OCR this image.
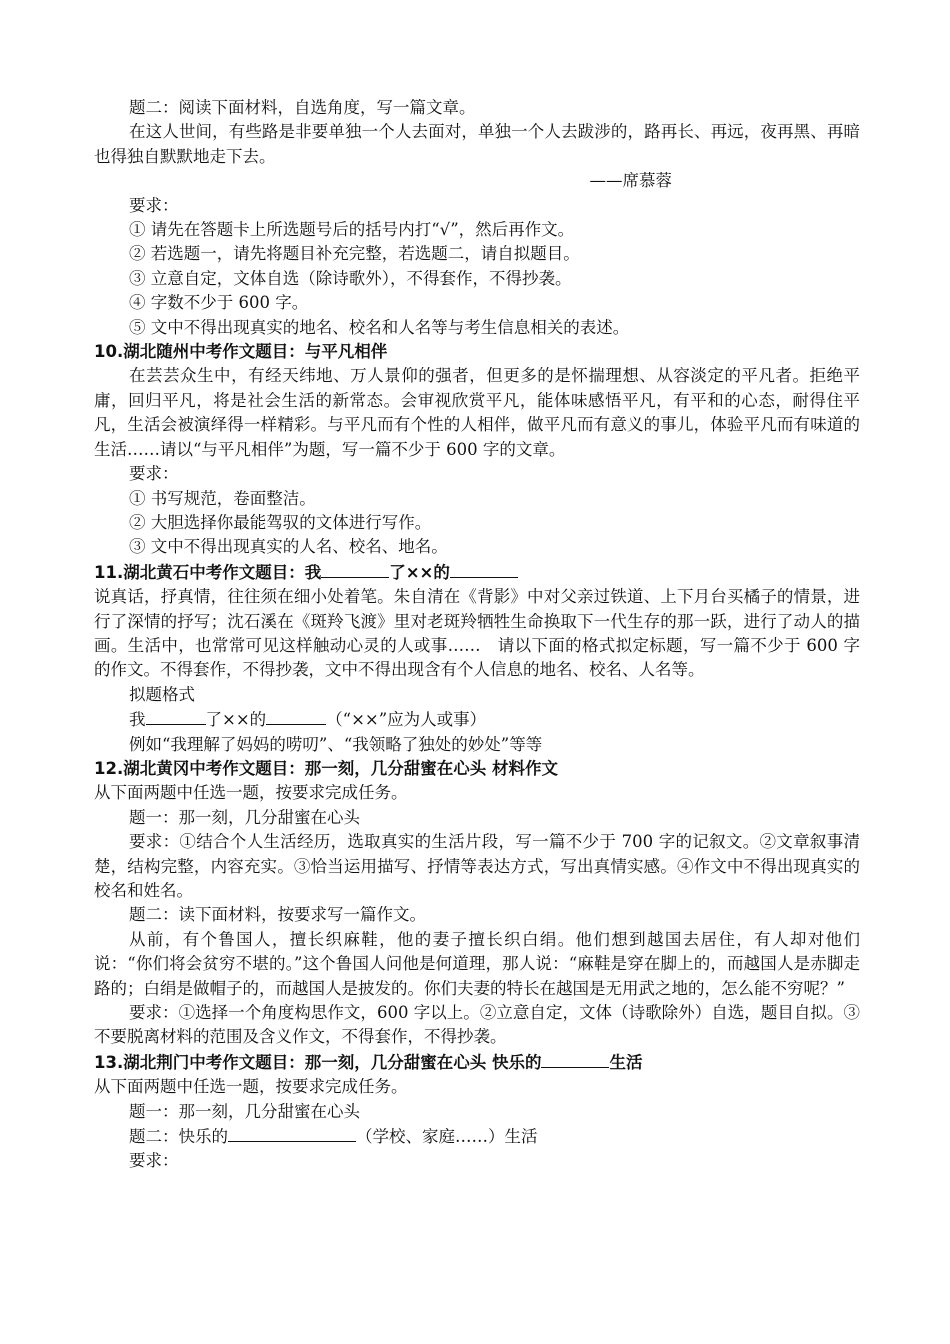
题二：阅读下面材料，自选角度，写一篇文章。

在这人世间，有些路是非要单独一个人去面对，单独一个人去跋涉的，路再长、再远，夜再黑、再暗也得独自默默地走下去。

——席慕蓉

要求：

① 请先在答题卡上所选题号后的括号内打“√”，然后再作文。

② 若选题一，请先将题目补充完整，若选题二，请自拟题目。

③ 立意自定，文体自选（除诗歌外），不得套作，不得抄袭。

④ 字数不少于 600 字。

⑤ 文中不得出现真实的地名、校名和人名等与考生信息相关的表述。

10.湖北随州中考作文题目：与平凡相伴

在芸芸众生中，有经天纬地、万人景仰的强者，但更多的是怀揣理想、从容淡定的平凡者。拒绝平庸，回归平凡，将是社会生活的新常态。会审视欣赏平凡，能体味感悟平凡，有平和的心态，耐得住平凡，生活会被演绎得一样精彩。与平凡而有个性的人相伴，做平凡而有意义的事儿，体验平凡而有味道的生活……请以“与平凡相伴”为题，写一篇不少于 600 字的文章。

要求：

① 书写规范，卷面整洁。

② 大胆选择你最能驾驭的文体进行写作。

③ 文中不得出现真实的人名、校名、地名。

11.湖北黄石中考作文题目：我	了××的

说真话，抒真情，往往须在细小处着笔。朱自清在《背影》中对父亲过铁道、上下月台买橘子的情景，进行了深情的抒写；沈石溪在《斑羚飞渡》里对老斑羚牺牲生命换取下一代生存的那一跃，进行了动人的描画。生活中，也常常可见这样触动心灵的人或事……　请以下面的格式拟定标题，写一篇不少于 600 字的作文。不得套作，不得抄袭，文中不得出现含有个人信息的地名、校名、人名等。

拟题格式

我	了××的	（“××”应为人或事）

例如“我理解了妈妈的唠叨”、“我领略了独处的妙处”等等

12.湖北黄冈中考作文题目：那一刻，几分甜蜜在心头 材料作文

从下面两题中任选一题，按要求完成任务。

题一：那一刻，几分甜蜜在心头

要求：①结合个人生活经历，选取真实的生活片段，写一篇不少于 700 字的记叙文。②文章叙事清楚，结构完整，内容充实。③恰当运用描写、抒情等表达方式，写出真情实感。④作文中不得出现真实的校名和姓名。

题二：读下面材料，按要求写一篇作文。

从前，有个鲁国人，擅长织麻鞋，他的妻子擅长织白绢。他们想到越国去居住，有人却对他们说：“你们将会贫穷不堪的。”这个鲁国人问他是何道理，那人说：“麻鞋是穿在脚上的，而越国人是赤脚走路的；白绢是做帽子的，而越国人是披发的。你们夫妻的特长在越国是无用武之地的，怎么能不穷呢？”

要求：①选择一个角度构思作文，600 字以上。②立意自定，文体（诗歌除外）自选，题目自拟。③不要脱离材料的范围及含义作文，不得套作，不得抄袭。

13.湖北荆门中考作文题目：那一刻，几分甜蜜在心头 快乐的	生活

从下面两题中任选一题，按要求完成任务。

题一：那一刻，几分甜蜜在心头

题二：快乐的	（学校、家庭……）生活

要求：
